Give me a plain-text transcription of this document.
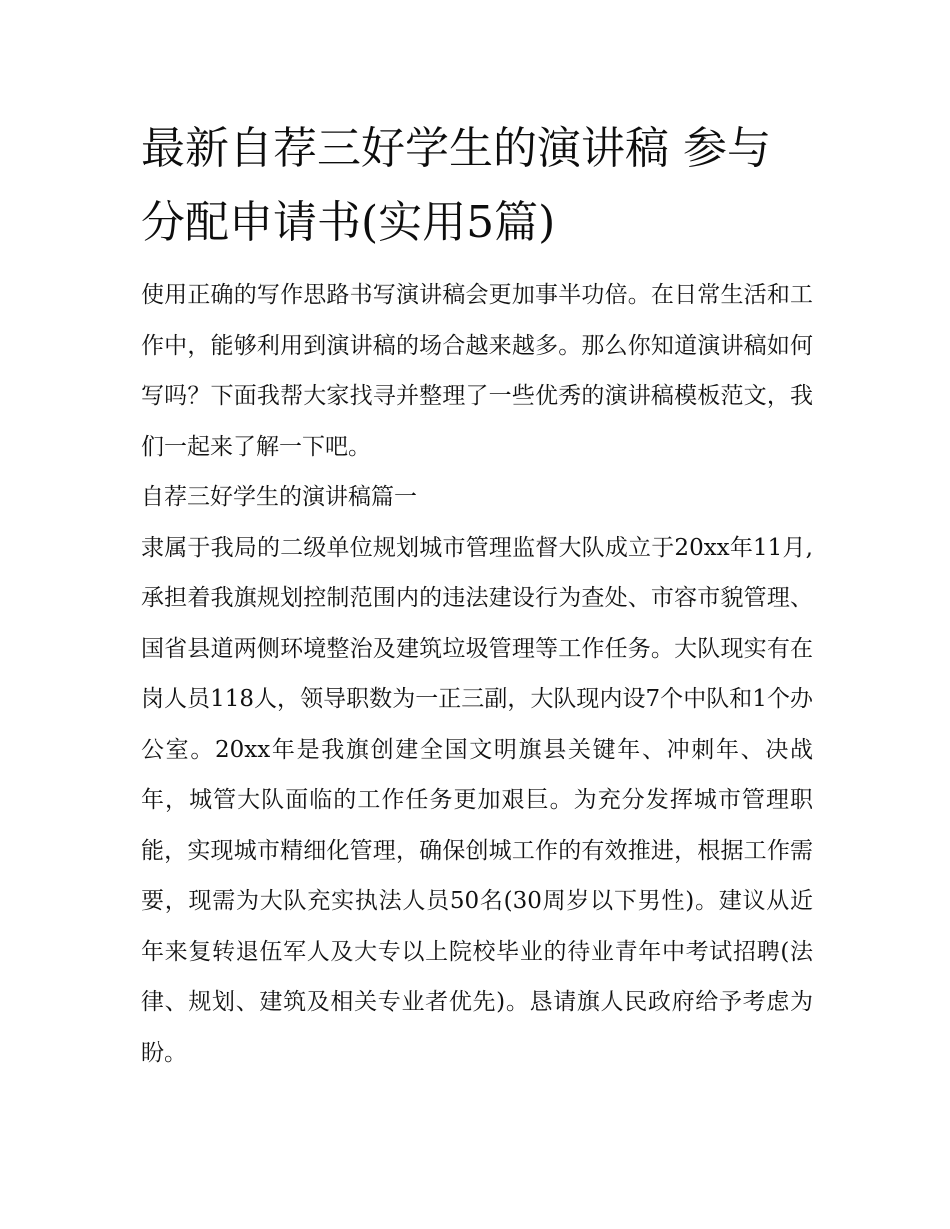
最新自荐三好学生的演讲稿 参与分配申请书(实用5篇)

使用正确的写作思路书写演讲稿会更加事半功倍。在日常生活和工作中，能够利用到演讲稿的场合越来越多。那么你知道演讲稿如何写吗？下面我帮大家找寻并整理了一些优秀的演讲稿模板范文，我们一起来了解一下吧。

自荐三好学生的演讲稿篇一

隶属于我局的二级单位规划城市管理监督大队成立于20xx年11月,承担着我旗规划控制范围内的违法建设行为查处、市容市貌管理、国省县道两侧环境整治及建筑垃圾管理等工作任务。大队现实有在岗人员118人，领导职数为一正三副，大队现内设7个中队和1个办公室。20xx年是我旗创建全国文明旗县关键年、冲刺年、决战年，城管大队面临的工作任务更加艰巨。为充分发挥城市管理职能，实现城市精细化管理，确保创城工作的有效推进，根据工作需要，现需为大队充实执法人员50名(30周岁以下男性)。建议从近年来复转退伍军人及大专以上院校毕业的待业青年中考试招聘(法律、规划、建筑及相关专业者优先)。恳请旗人民政府给予考虑为盼。
